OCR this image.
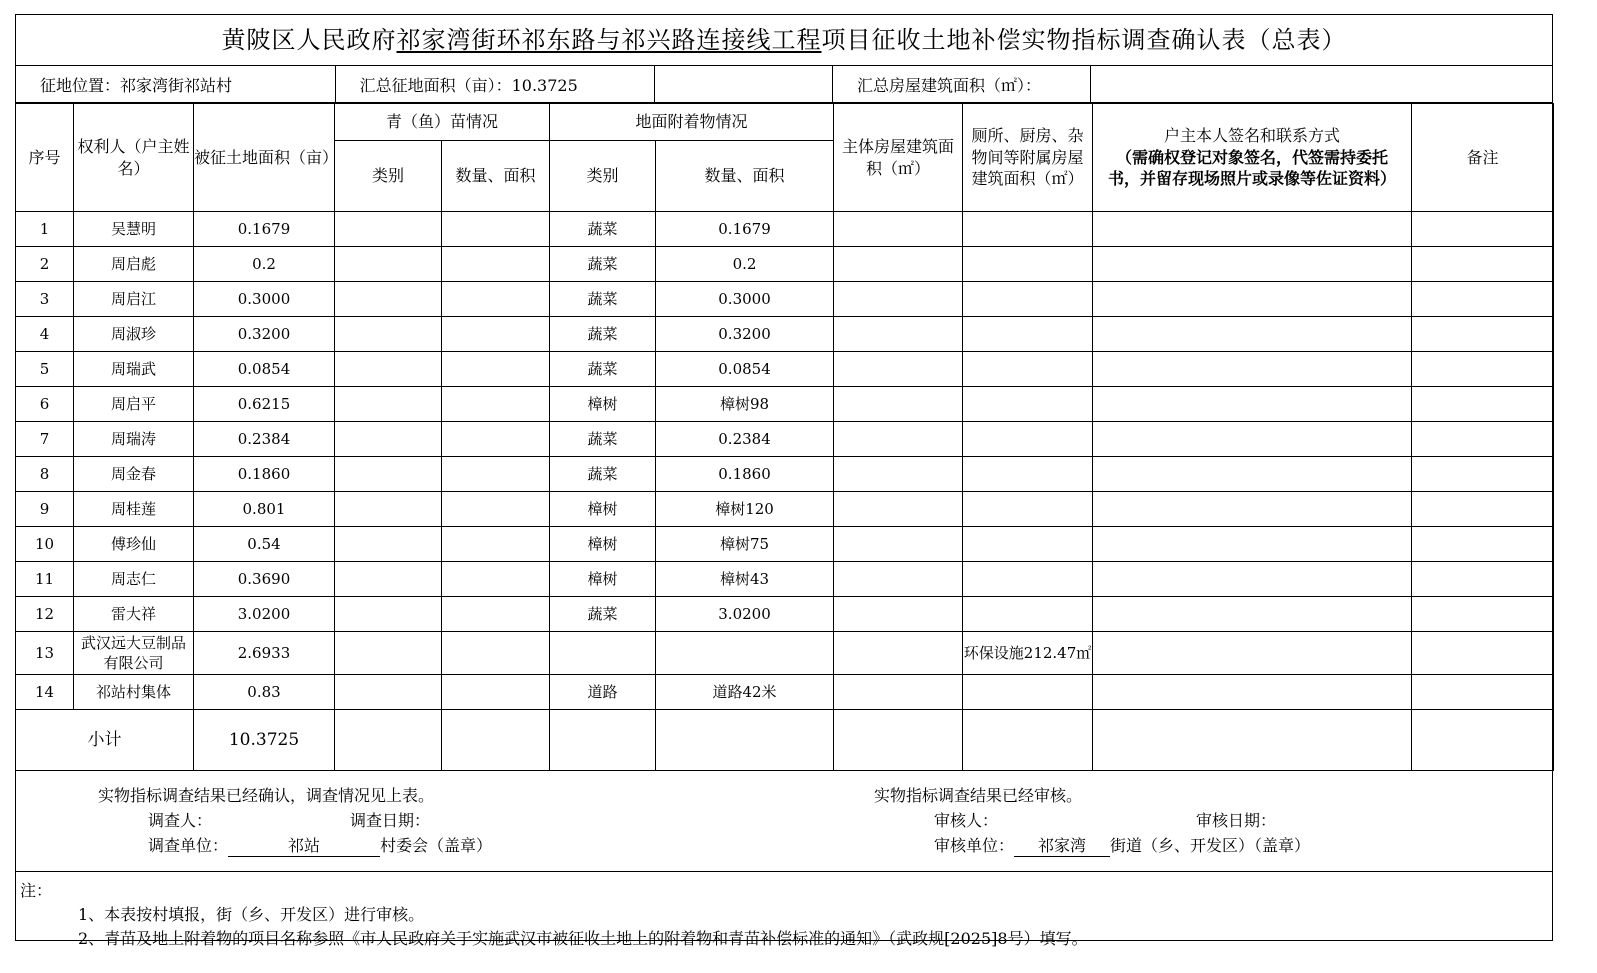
黄陂区人民政府祁家湾街环祁东路与祁兴路连接线工程项目征收土地补偿实物指标调查确认表（总表）
征地位置：祁家湾街祁站村	汇总征地面积（亩）：10.3725	汇总房屋建筑面积（㎡）：
序号	权利人（户主姓名）	被征土地面积（亩）	青（鱼）苗情况		地面附着物情况		主体房屋建筑面积（㎡）	厕所、厨房、杂物间等附属房屋建筑面积（㎡）	户主本人签名和联系方式
（需确权登记对象签名，代签需持委托书，并留存现场照片或录像等佐证资料）	备注
			类别	数量、面积	类别	数量、面积				
1	吴慧明	0.1679			蔬菜	0.1679				
2	周启彪	0.2			蔬菜	0.2				
3	周启江	0.3000			蔬菜	0.3000				
4	周淑珍	0.3200			蔬菜	0.3200				
5	周瑞武	0.0854			蔬菜	0.0854				
6	周启平	0.6215			樟树	樟树98				
7	周瑞涛	0.2384			蔬菜	0.2384				
8	周金春	0.1860			蔬菜	0.1860				
9	周桂莲	0.801			樟树	樟树120				
10	傅珍仙	0.54			樟树	樟树75				
11	周志仁	0.3690			樟树	樟树43				
12	雷大祥	3.0200			蔬菜	3.0200				
13	武汉远大豆制品有限公司	2.6933						环保设施212.47㎡		
14	祁站村集体	0.83			道路	道路42米				
小计		10.3725								
实物指标调查结果已经确认，调查情况见上表。
调查人：	调查日期：
调查单位：	祁站	村委会（盖章）
实物指标调查结果已经审核。
审核人：	审核日期：
审核单位： 祁家湾 街道（乡、开发区）（盖章）
注：
1、本表按村填报，街（乡、开发区）进行审核。
2、青苗及地上附着物的项目名称参照《市人民政府关于实施武汉市被征收土地上的附着物和青苗补偿标准的通知》（武政规[2025]8号）填写。
